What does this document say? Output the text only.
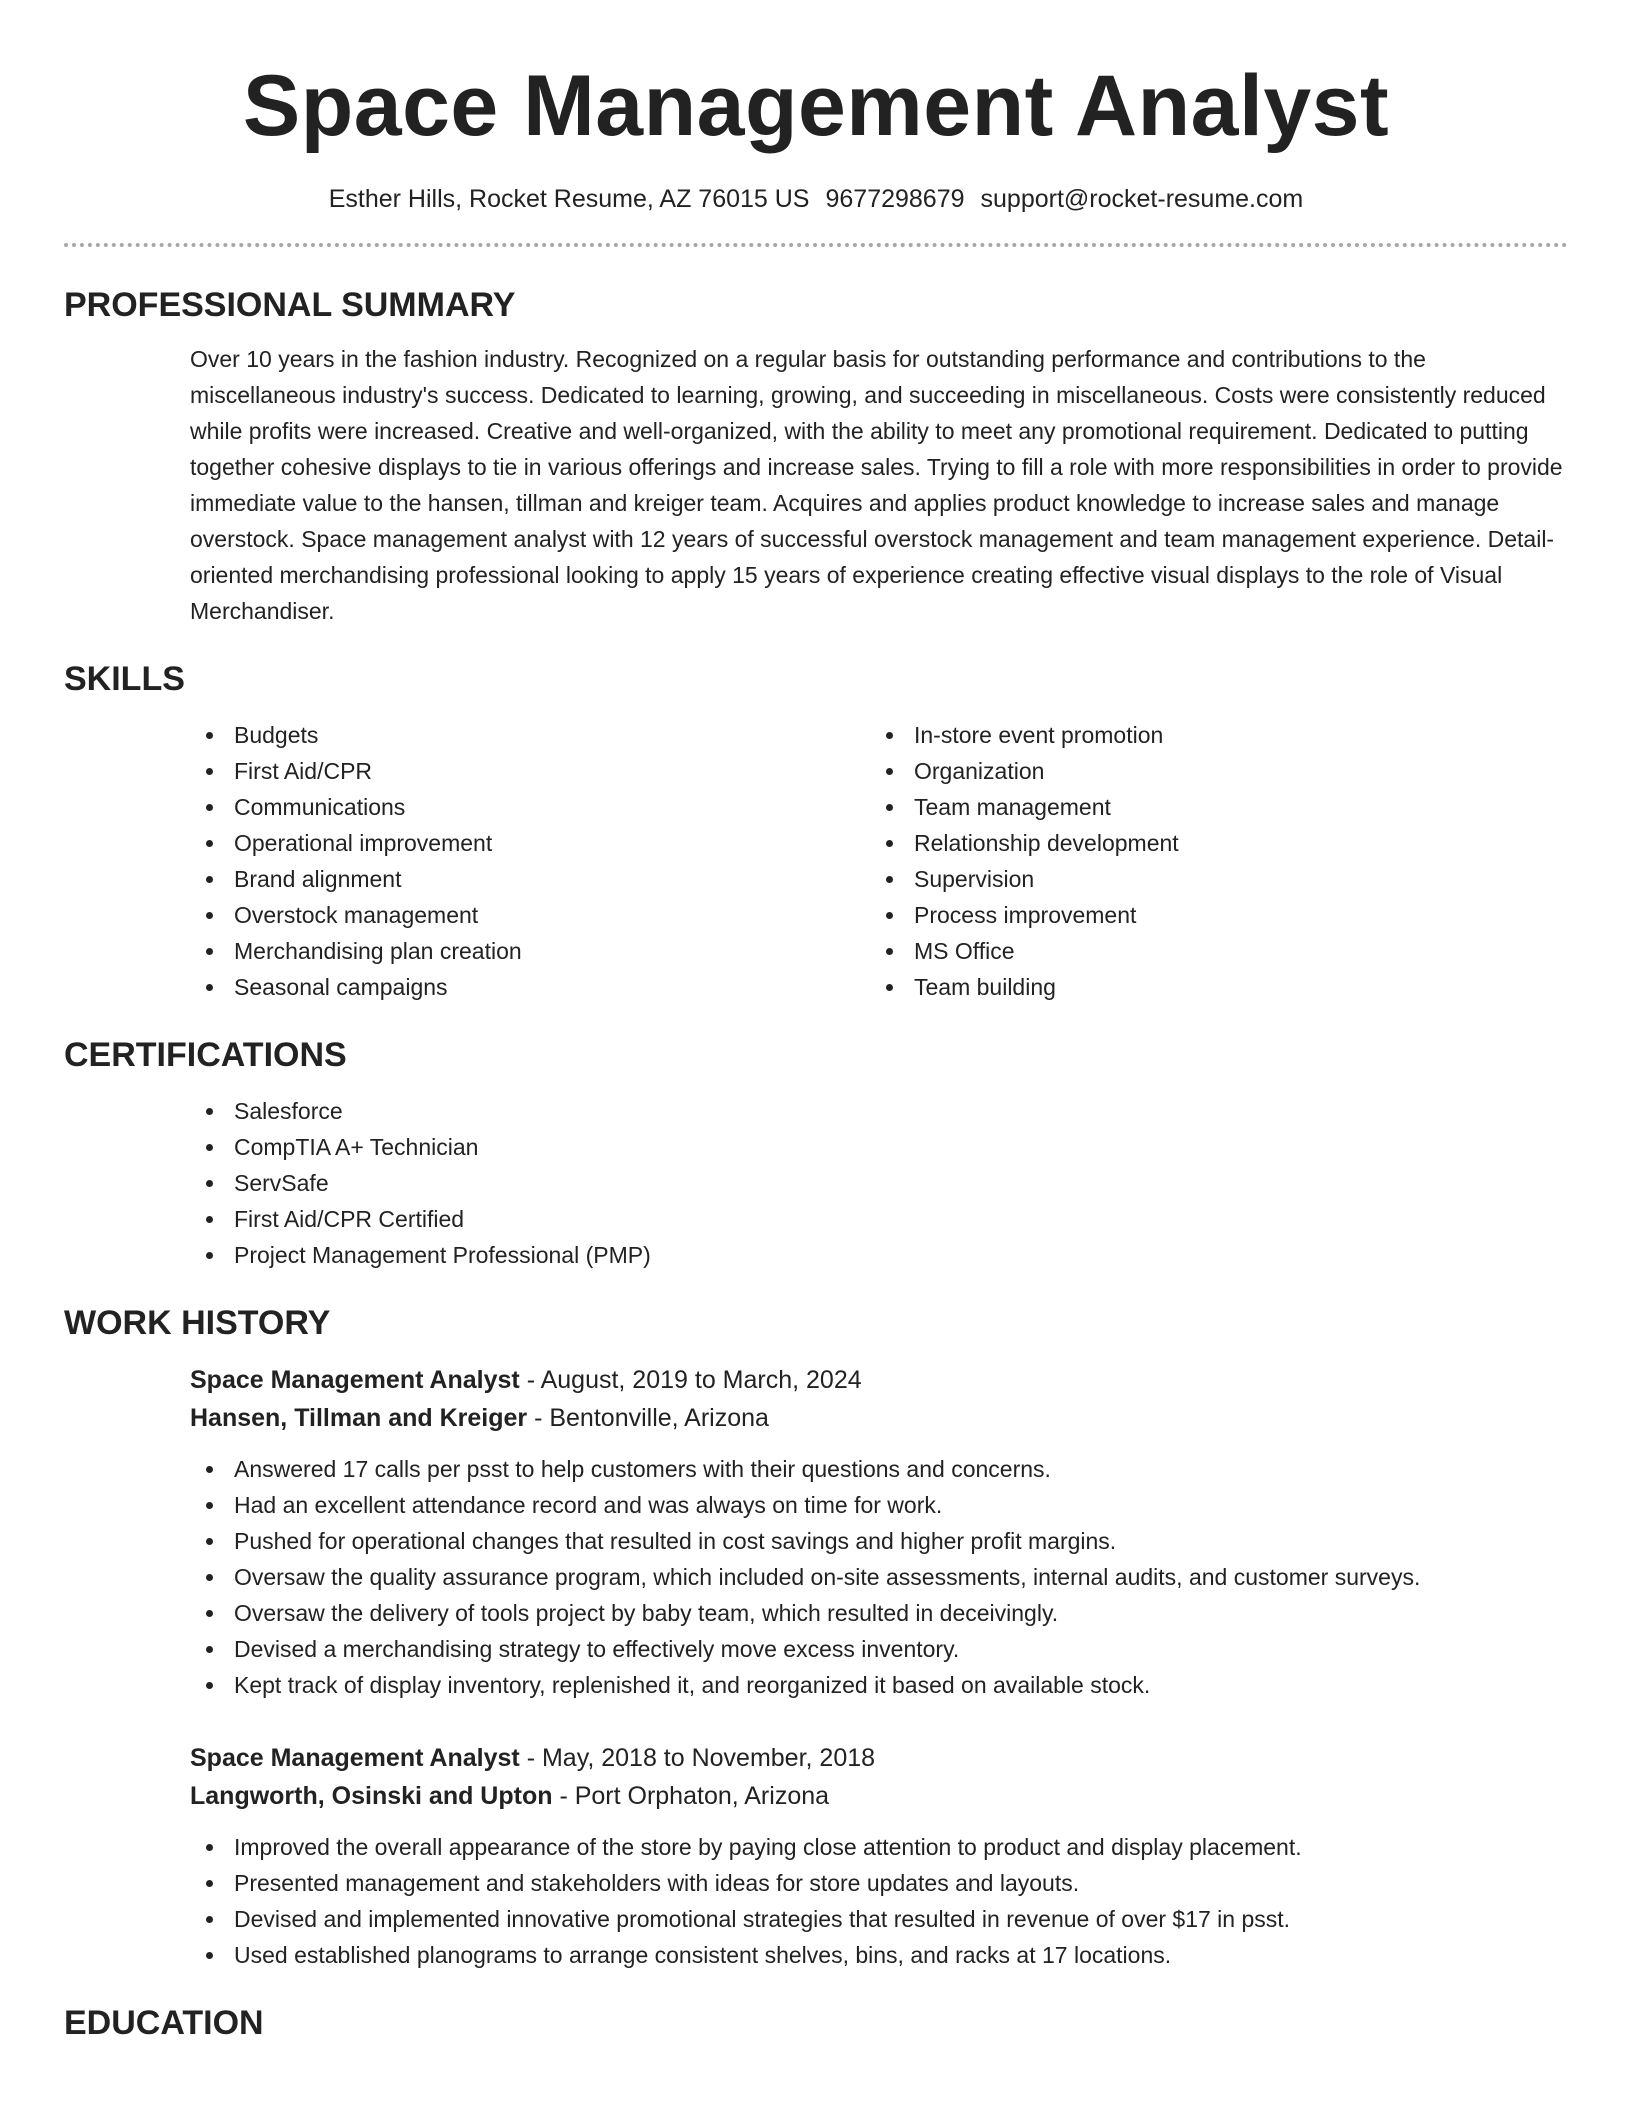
Space Management Analyst
Esther Hills, Rocket Resume, AZ 76015 US 9677298679 support@rocket-resume.com
PROFESSIONAL SUMMARY

Over 10 years in the fashion industry. Recognized on a regular basis for outstanding performance and contributions to the miscellaneous industry's success. Dedicated to learning, growing, and succeeding in miscellaneous. Costs were consistently reduced while profits were increased. Creative and well-organized, with the ability to meet any promotional requirement. Dedicated to putting together cohesive displays to tie in various offerings and increase sales. Trying to fill a role with more responsibilities in order to provide immediate value to the hansen, tillman and kreiger team. Acquires and applies product knowledge to increase sales and manage overstock. Space management analyst with 12 years of successful overstock management and team management experience. Detail-oriented merchandising professional looking to apply 15 years of experience creating effective visual displays to the role of Visual Merchandiser.

SKILLS
Budgets
First Aid/CPR
Communications
Operational improvement
Brand alignment
Overstock management
Merchandising plan creation
Seasonal campaigns
In-store event promotion
Organization
Team management
Relationship development
Supervision
Process improvement
MS Office
Team building
CERTIFICATIONS
Salesforce
CompTIA A+ Technician
ServSafe
First Aid/CPR Certified
Project Management Professional (PMP)
WORK HISTORY
Space Management Analyst - August, 2019 to March, 2024
Hansen, Tillman and Kreiger - Bentonville, Arizona
Answered 17 calls per psst to help customers with their questions and concerns.
Had an excellent attendance record and was always on time for work.
Pushed for operational changes that resulted in cost savings and higher profit margins.
Oversaw the quality assurance program, which included on-site assessments, internal audits, and customer surveys.
Oversaw the delivery of tools project by baby team, which resulted in deceivingly.
Devised a merchandising strategy to effectively move excess inventory.
Kept track of display inventory, replenished it, and reorganized it based on available stock.
Space Management Analyst - May, 2018 to November, 2018
Langworth, Osinski and Upton - Port Orphaton, Arizona
Improved the overall appearance of the store by paying close attention to product and display placement.
Presented management and stakeholders with ideas for store updates and layouts.
Devised and implemented innovative promotional strategies that resulted in revenue of over $17 in psst.
Used established planograms to arrange consistent shelves, bins, and racks at 17 locations.
EDUCATION
